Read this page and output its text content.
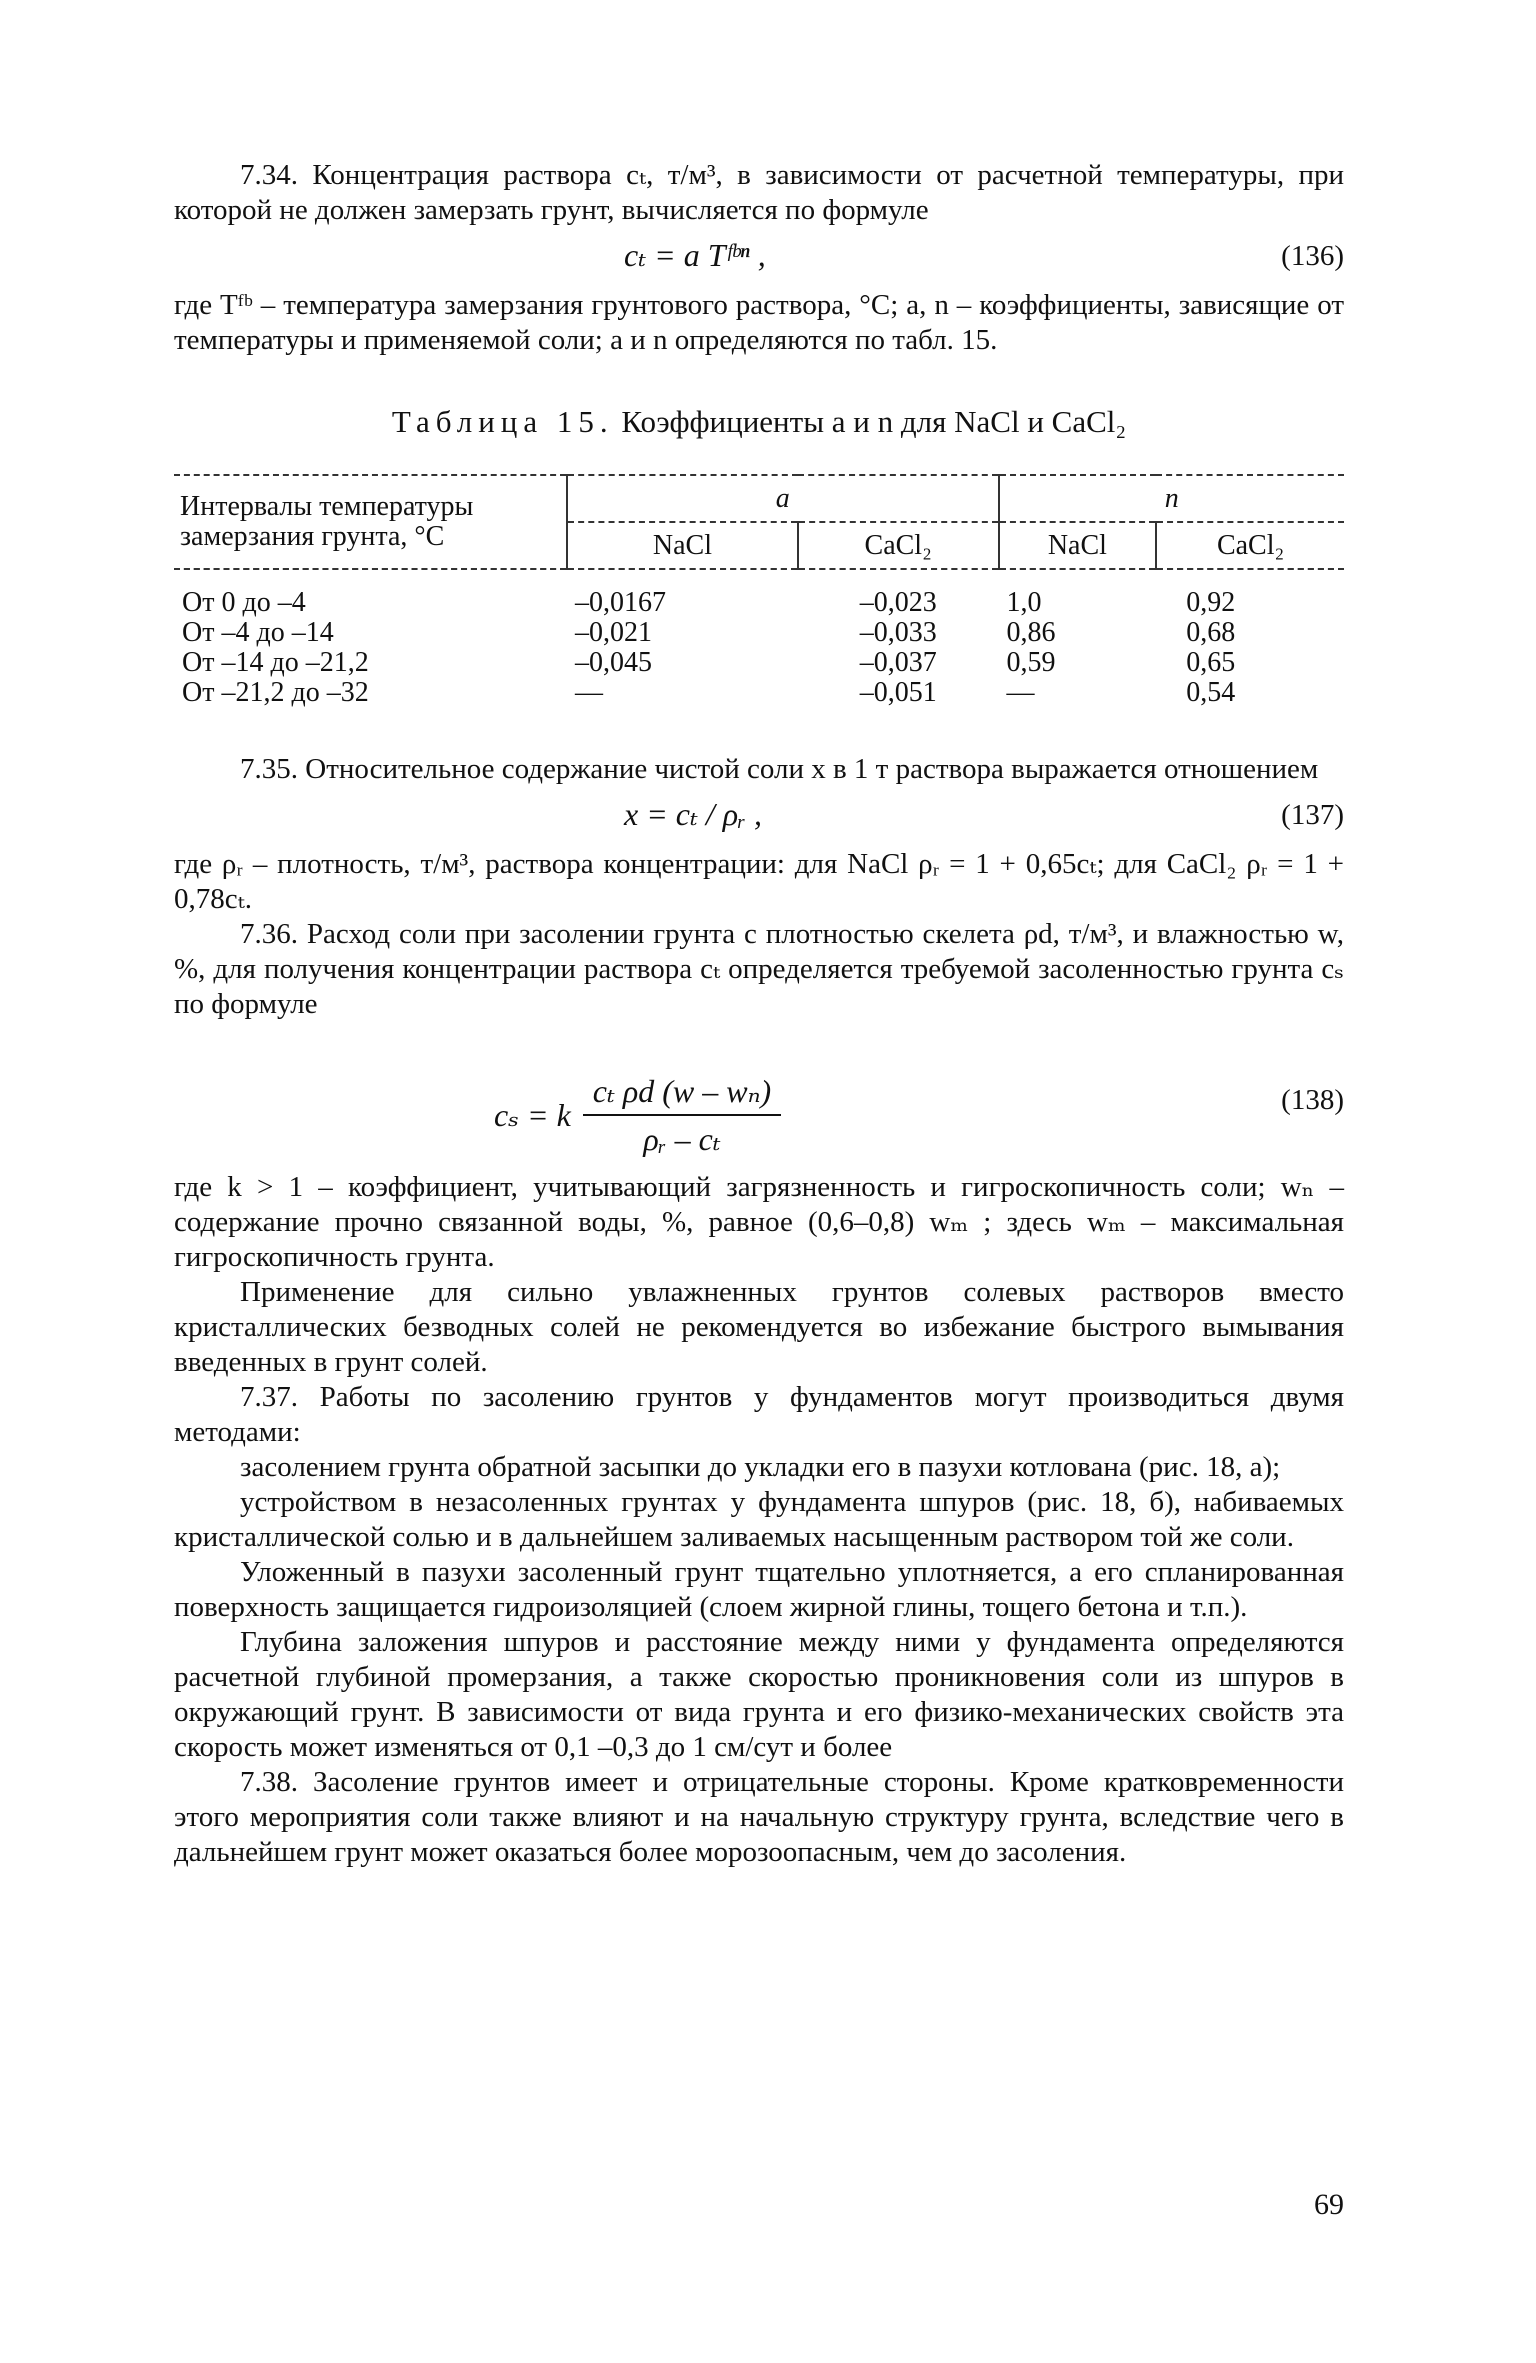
7.34. Концентрация раствора cₜ, т/м³, в зависимости от расчетной температуры, при которой не должен замерзать грунт, вычисляется по формуле

cₜ = a Tᶠᵇⁿ ,	(136)

где Tᶠᵇ – температура замерзания грунтового раствора, °С; a, n – коэффициенты, зависящие от температуры и применяемой соли; a и n определяются по табл. 15.

Таблица 15. Коэффициенты a и n для NaCl и CaCl₂
Интервалы температуры замерзания грунта, °С	a		n	
	NaCl	CaCl₂	NaCl	CaCl₂
От 0 до –4	–0,0167	–0,023	1,0	0,92
От –4 до –14	–0,021	–0,033	0,86	0,68
От –14 до –21,2	–0,045	–0,037	0,59	0,65
От –21,2 до –32	—	–0,051	—	0,54

7.35. Относительное содержание чистой соли x в 1 т раствора выражается отношением

x = cₜ / ρᵣ ,	(137)

где ρᵣ – плотность, т/м³, раствора концентрации: для NaCl ρᵣ = 1 + 0,65cₜ; для CaCl₂ ρᵣ = 1 + 0,78cₜ.

7.36. Расход соли при засолении грунта с плотностью скелета ρd, т/м³, и влажностью w, %, для получения концентрации раствора cₜ определяется требуемой засоленностью грунта cₛ по формуле

cₛ = k $\frac{\text{cₜ ρd (w – wₙ)}}{\text{ρᵣ – cₜ}}$	(138)

где k > 1 – коэффициент, учитывающий загрязненность и гигроскопичность соли; wₙ – содержание прочно связанной воды, %, равное (0,6–0,8) wₘ ; здесь wₘ – максимальная гигроскопичность грунта.

Применение для сильно увлажненных грунтов солевых растворов вместо кристаллических безводных солей не рекомендуется во избежание быстрого вымывания введенных в грунт солей.

7.37. Работы по засолению грунтов у фундаментов могут производиться двумя методами:

засолением грунта обратной засыпки до укладки его в пазухи котлована (рис. 18, а);

устройством в незасоленных грунтах у фундамента шпуров (рис. 18, б), набиваемых кристаллической солью и в дальнейшем заливаемых насыщенным раствором той же соли.

Уложенный в пазухи засоленный грунт тщательно уплотняется, а его спланированная поверхность защищается гидроизоляцией (слоем жирной глины, тощего бетона и т.п.).

Глубина заложения шпуров и расстояние между ними у фундамента определяются расчетной глубиной промерзания, а также скоростью проникновения соли из шпуров в окружающий грунт. В зависимости от вида грунта и его физико-механических свойств эта скорость может изменяться от 0,1 –0,3 до 1 см/сут и более

7.38. Засоление грунтов имеет и отрицательные стороны. Кроме кратковременности этого мероприятия соли также влияют и на начальную структуру грунта, вследствие чего в дальнейшем грунт может оказаться более морозоопасным, чем до засоления.

69
